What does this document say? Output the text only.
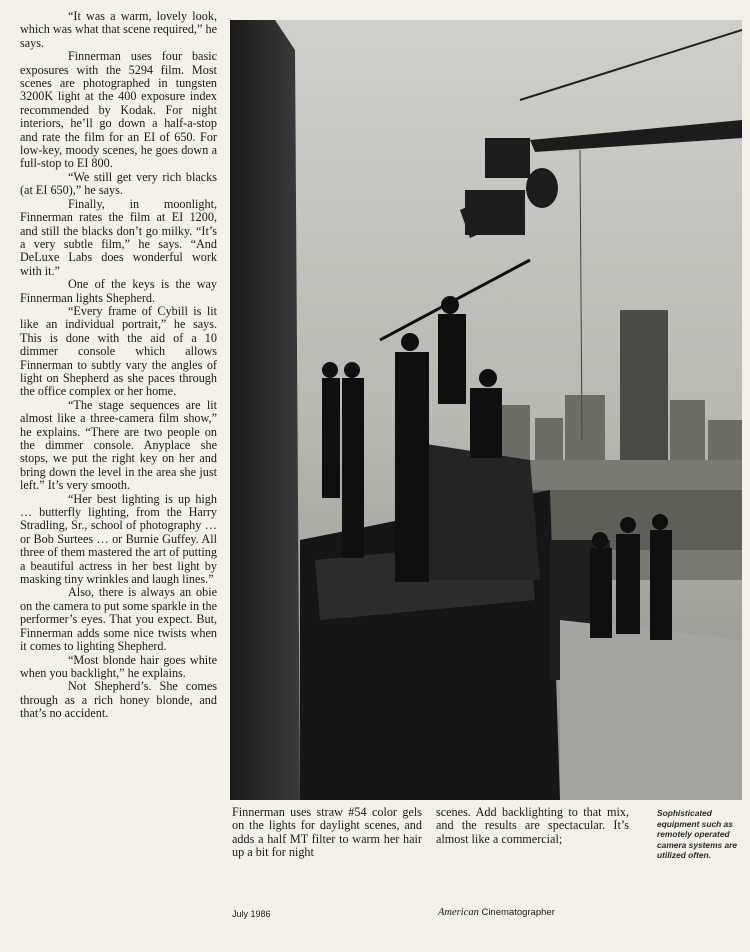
“It was a warm, lovely look, which was what that scene required,” he says.

Finnerman uses four basic exposures with the 5294 film. Most scenes are photographed in tungsten 3200K light at the 400 exposure index recommended by Kodak. For night interiors, he’ll go down a half-a-stop and rate the film for an EI of 650. For low-key, moody scenes, he goes down a full-stop to EI 800.

“We still get very rich blacks (at EI 650),” he says.

Finally, in moonlight, Finnerman rates the film at EI 1200, and still the blacks don’t go milky. “It’s a very subtle film,” he says. “And DeLuxe Labs does wonderful work with it.”

One of the keys is the way Finnerman lights Shepherd.

“Every frame of Cybill is lit like an individual portrait,” he says. This is done with the aid of a 10 dimmer console which allows Finnerman to subtly vary the angles of light on Shepherd as she paces through the office complex or her home.

“The stage sequences are lit almost like a three-camera film show,” he explains. “There are two people on the dimmer console. Anyplace she stops, we put the right key on her and bring down the level in the area she just left.” It’s very smooth.

“Her best lighting is up high … butterfly lighting, from the Harry Stradling, Sr., school of photography … or Bob Surtees … or Burnie Guffey. All three of them mastered the art of putting a beautiful actress in her best light by masking tiny wrinkles and laugh lines.”

Also, there is always an obie on the camera to put some sparkle in the performer’s eyes. That you expect. But, Finnerman adds some nice twists when it comes to lighting Shepherd.

“Most blonde hair goes white when you backlight,” he explains.

Not Shepherd’s. She comes through as a rich honey blonde, and that’s no accident.

Finnerman uses straw #54 color gels on the lights for daylight scenes, and adds a half MT filter to warm her hair up a bit for night

scenes. Add backlighting to that mix, and the results are spectacular. It’s almost like a commercial;

Sophisticated equipment such as remotely operated camera systems are utilized often.
July 1986	American Cinematographer
